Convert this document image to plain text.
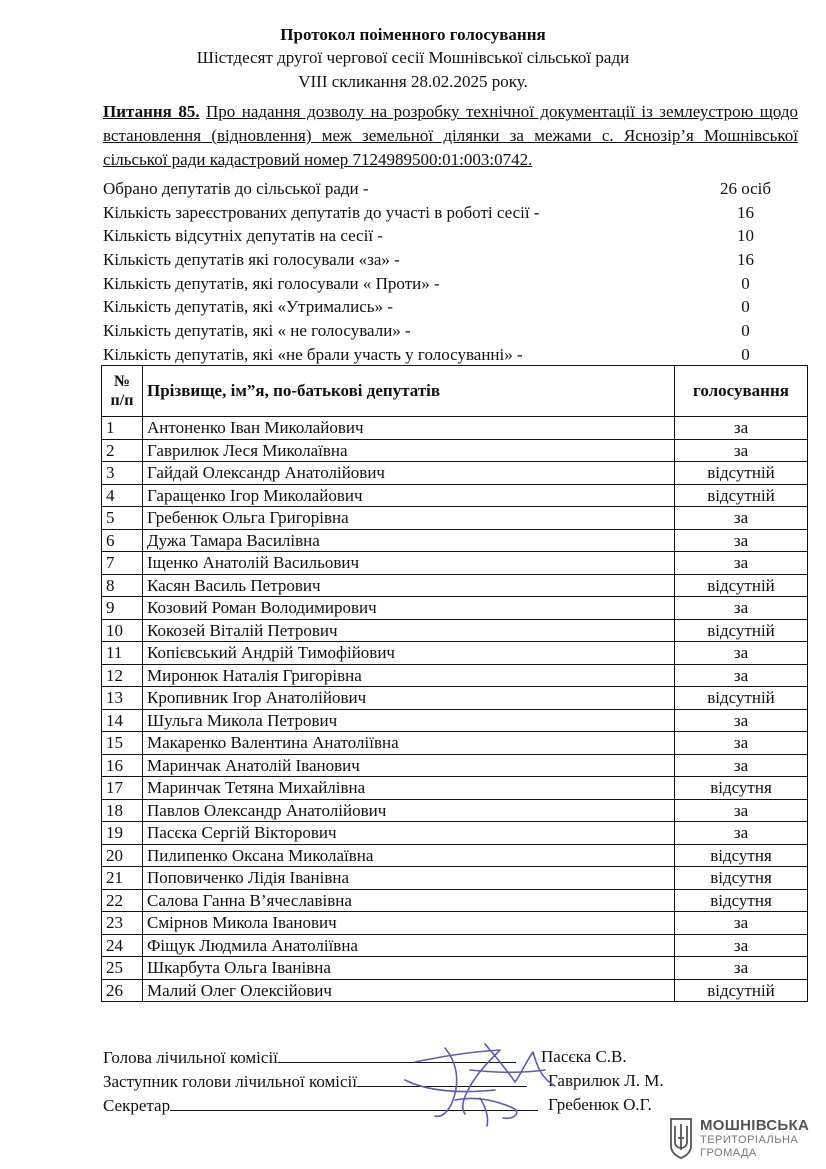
Протокол поіменного голосування
Шістдесят другої чергової сесії Мошнівської сільської ради
VIII скликання 28.02.2025 року.
Питання 85. Про надання дозволу на розробку технічної документації із землеустрою щодо встановлення (відновлення) меж земельної ділянки за межами с. Яснозір’я Мошнівської сільської ради кадастровий номер 7124989500:01:003:0742.
Обрано депутатів до сільської ради -	26 осіб
Кількість зареєстрованих депутатів до участі в роботі сесії -	16
Кількість відсутніх депутатів на сесії -	10
Кількість депутатів які голосували «за» -	16
Кількість депутатів, які голосували « Проти» -	0
Кількість депутатів, які «Утримались» -	0
Кількість депутатів, які « не голосували» -	0
Кількість депутатів, які «не брали участь у голосуванні» -	0
№
п/п	Прізвище, ім”я, по-батькові депутатів	голосування
1	Антоненко Іван Миколайович	за
2	Гаврилюк Леся Миколаївна	за
3	Гайдай Олександр Анатолійович	відсутній
4	Гаращенко Ігор Миколайович	відсутній
5	Гребенюк Ольга Григорівна	за
6	Дужа Тамара Василівна	за
7	Іщенко Анатолій Васильович	за
8	Касян Василь Петрович	відсутній
9	Козовий Роман Володимирович	за
10	Кокозей Віталій Петрович	відсутній
11	Копієвський Андрій Тимофійович	за
12	Миронюк Наталія Григорівна	за
13	Кропивник Ігор Анатолійович	відсутній
14	Шульга Микола Петрович	за
15	Макаренко Валентина Анатоліївна	за
16	Маринчак Анатолій Іванович	за
17	Маринчак Тетяна Михайлівна	відсутня
18	Павлов Олександр Анатолійович	за
19	Пасєка Сергій Вікторович	за
20	Пилипенко Оксана Миколаївна	відсутня
21	Поповиченко Лідія Іванівна	відсутня
22	Салова Ганна В’ячеславівна	відсутня
23	Смірнов Микола Іванович	за
24	Фіщук Людмила Анатоліївна	за
25	Шкарбута Ольга Іванівна	за
26	Малий Олег Олексійович	відсутній
Голова лічильної комісії	Пасєка С.В.
Заступник голови лічильної комісії	Гаврилюк Л. М.
Секретар	Гребенюк О.Г.
МОШНІВСЬКА
ТЕРИТОРІАЛЬНА
ГРОМАДА
